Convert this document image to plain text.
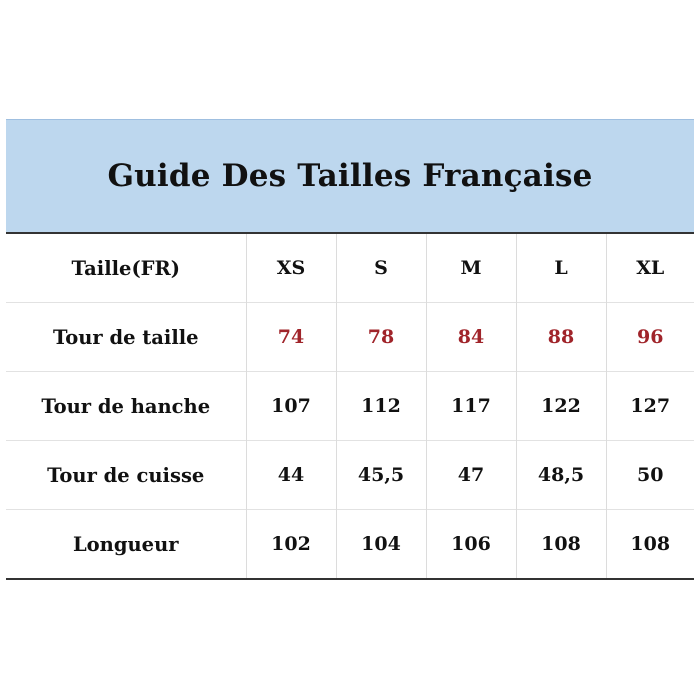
Guide Des Tailles Française
Taille(FR)	XS	S	M	L	XL
Tour de taille	74	78	84	88	96
Tour de hanche	107	112	117	122	127
Tour de cuisse	44	45,5	47	48,5	50
Longueur	102	104	106	108	108
